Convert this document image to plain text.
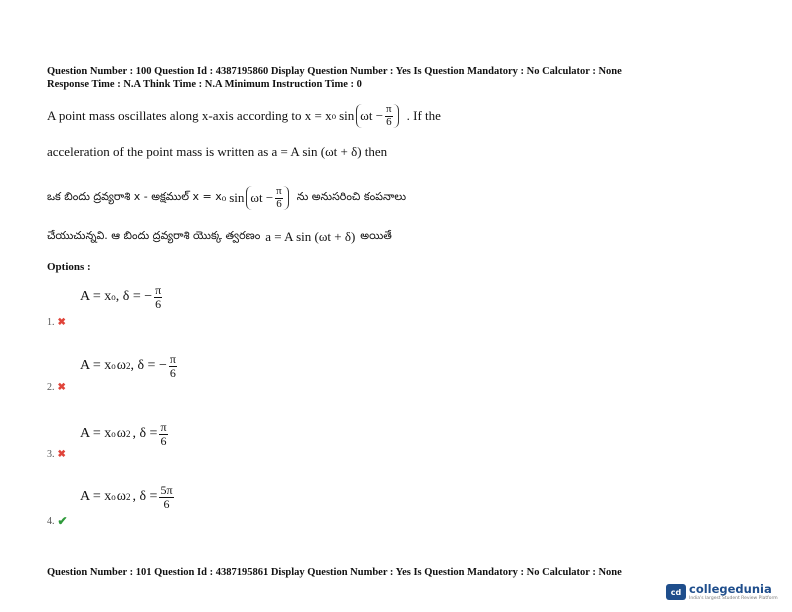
Question Number : 100 Question Id : 4387195860 Display Question Number : Yes Is Question Mandatory : No Calculator : None
Response Time : N.A Think Time : N.A Minimum Instruction Time : 0
A point mass oscillates along x-axis according to x = x o $\sin \omega t - \frac{\pi}{6}$ . If the
acceleration of the point mass is written as a = A sin (ωt + δ) then
ఒక బిందు ద్రవ్యరాశి x - అక్షముల్ x = x o $\sin \omega t - \frac{\pi}{6}$ ను అనుసరించి కంపనాలు
చేయుచున్నవి. ఆ బిందు ద్రవ్యరాశి యొక్క త్వరణం a = A sin (ωt + δ) అయితే
Options :
A = x o , δ = − $\frac{\pi}{6}$
1. ✖
A = x o ω 2 , δ = − $\frac{\pi}{6}$
2. ✖
A = x o ω 2 , $\delta = \frac{\pi}{6}$
3. ✖
A = x o ω 2 , $\delta = \frac{5\pi}{6}$
4. ✔
Question Number : 101 Question Id : 4387195861 Display Question Number : Yes Is Question Mandatory : No Calculator : None
cd collegedunia
India's largest Student Review Platform
